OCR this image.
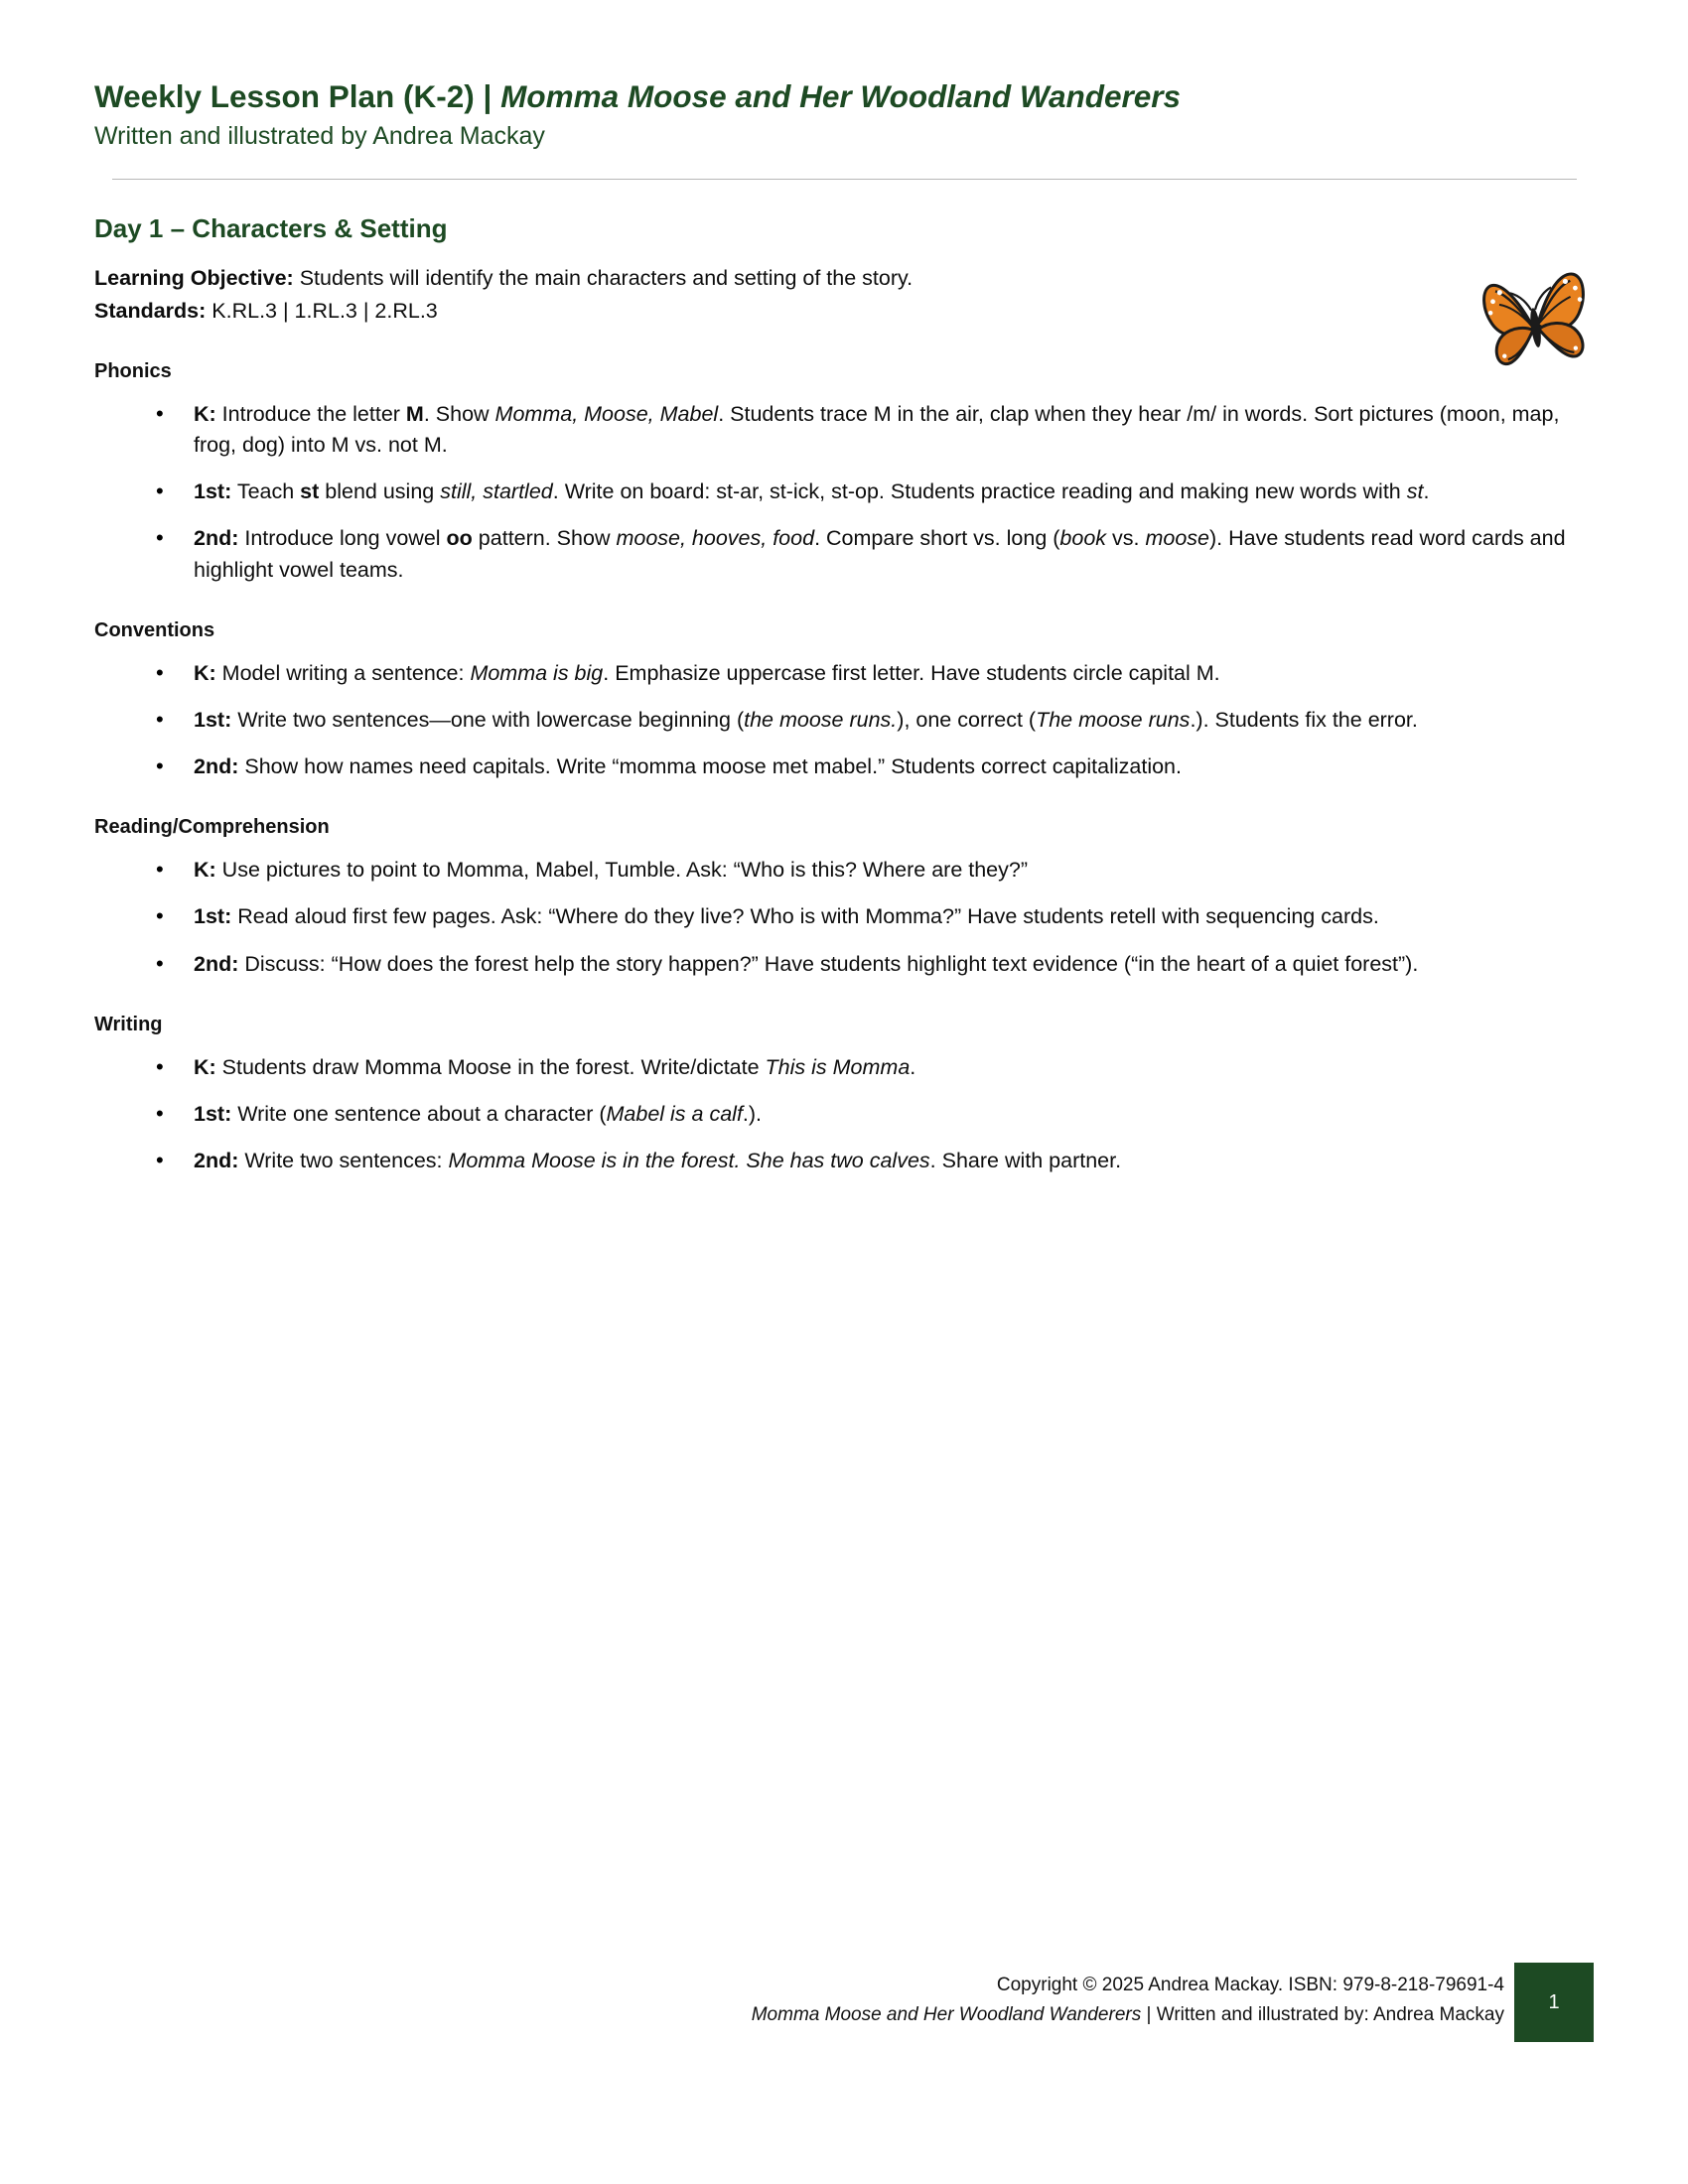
Weekly Lesson Plan (K-2) | Momma Moose and Her Woodland Wanderers
Written and illustrated by Andrea Mackay
Day 1 – Characters & Setting
Learning Objective: Students will identify the main characters and setting of the story.
Standards: K.RL.3 | 1.RL.3 | 2.RL.3
Phonics
• K: Introduce the letter M. Show Momma, Moose, Mabel. Students trace M in the air, clap when they hear /m/ in words. Sort pictures (moon, map, frog, dog) into M vs. not M.
• 1st: Teach st blend using still, startled. Write on board: st-ar, st-ick, st-op. Students practice reading and making new words with st.
• 2nd: Introduce long vowel oo pattern. Show moose, hooves, food. Compare short vs. long (book vs. moose). Have students read word cards and highlight vowel teams.
Conventions
• K: Model writing a sentence: Momma is big. Emphasize uppercase first letter. Have students circle capital M.
• 1st: Write two sentences—one with lowercase beginning (the moose runs.), one correct (The moose runs.). Students fix the error.
• 2nd: Show how names need capitals. Write “momma moose met mabel.” Students correct capitalization.
Reading/Comprehension
• K: Use pictures to point to Momma, Mabel, Tumble. Ask: “Who is this? Where are they?”
• 1st: Read aloud first few pages. Ask: “Where do they live? Who is with Momma?” Have students retell with sequencing cards.
• 2nd: Discuss: “How does the forest help the story happen?” Have students highlight text evidence (“in the heart of a quiet forest”).
Writing
• K: Students draw Momma Moose in the forest. Write/dictate This is Momma.
• 1st: Write one sentence about a character (Mabel is a calf.).
• 2nd: Write two sentences: Momma Moose is in the forest. She has two calves. Share with partner.
Copyright © 2025 Andrea Mackay. ISBN: 979-8-218-79691-4
Momma Moose and Her Woodland Wanderers | Written and illustrated by: Andrea Mackay
1
